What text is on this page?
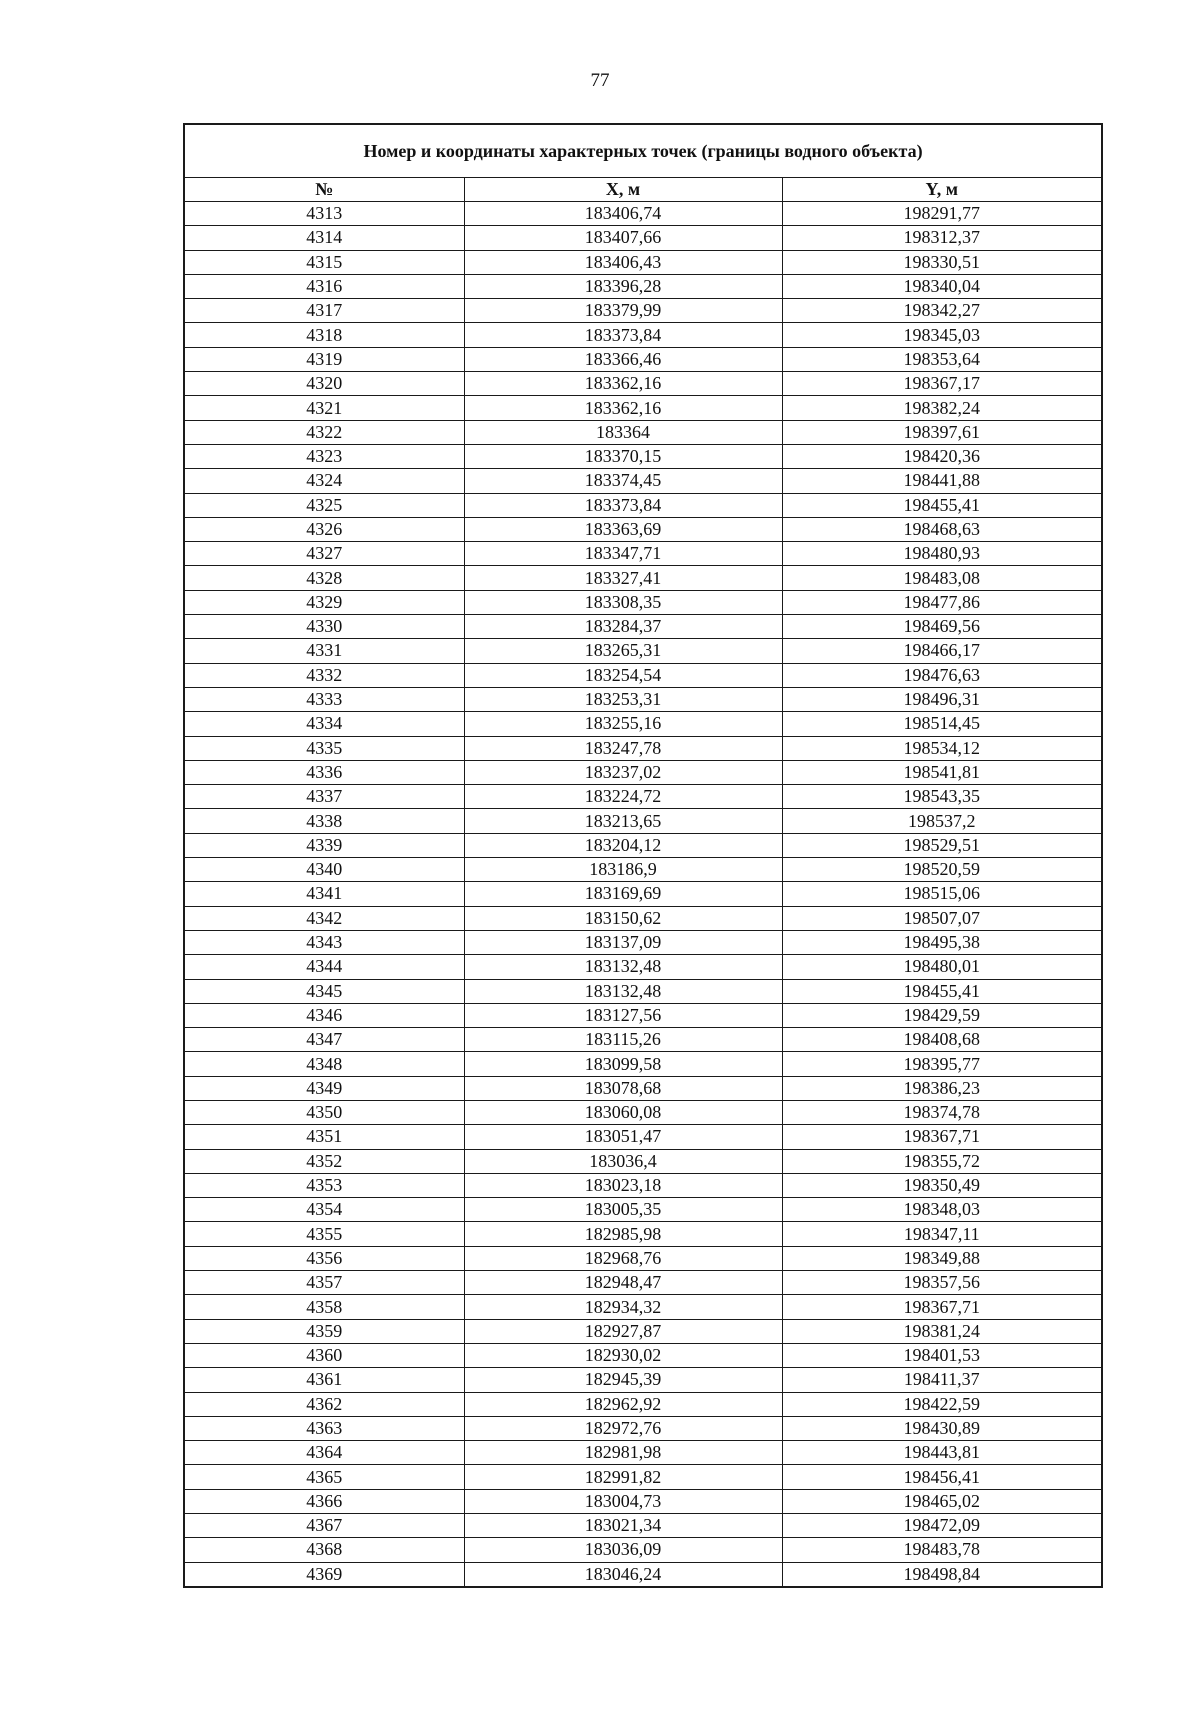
77
Номер и координаты характерных точек (границы водного объекта)
№	X, м	Y, м
4313	183406,74	198291,77
4314	183407,66	198312,37
4315	183406,43	198330,51
4316	183396,28	198340,04
4317	183379,99	198342,27
4318	183373,84	198345,03
4319	183366,46	198353,64
4320	183362,16	198367,17
4321	183362,16	198382,24
4322	183364	198397,61
4323	183370,15	198420,36
4324	183374,45	198441,88
4325	183373,84	198455,41
4326	183363,69	198468,63
4327	183347,71	198480,93
4328	183327,41	198483,08
4329	183308,35	198477,86
4330	183284,37	198469,56
4331	183265,31	198466,17
4332	183254,54	198476,63
4333	183253,31	198496,31
4334	183255,16	198514,45
4335	183247,78	198534,12
4336	183237,02	198541,81
4337	183224,72	198543,35
4338	183213,65	198537,2
4339	183204,12	198529,51
4340	183186,9	198520,59
4341	183169,69	198515,06
4342	183150,62	198507,07
4343	183137,09	198495,38
4344	183132,48	198480,01
4345	183132,48	198455,41
4346	183127,56	198429,59
4347	183115,26	198408,68
4348	183099,58	198395,77
4349	183078,68	198386,23
4350	183060,08	198374,78
4351	183051,47	198367,71
4352	183036,4	198355,72
4353	183023,18	198350,49
4354	183005,35	198348,03
4355	182985,98	198347,11
4356	182968,76	198349,88
4357	182948,47	198357,56
4358	182934,32	198367,71
4359	182927,87	198381,24
4360	182930,02	198401,53
4361	182945,39	198411,37
4362	182962,92	198422,59
4363	182972,76	198430,89
4364	182981,98	198443,81
4365	182991,82	198456,41
4366	183004,73	198465,02
4367	183021,34	198472,09
4368	183036,09	198483,78
4369	183046,24	198498,84
